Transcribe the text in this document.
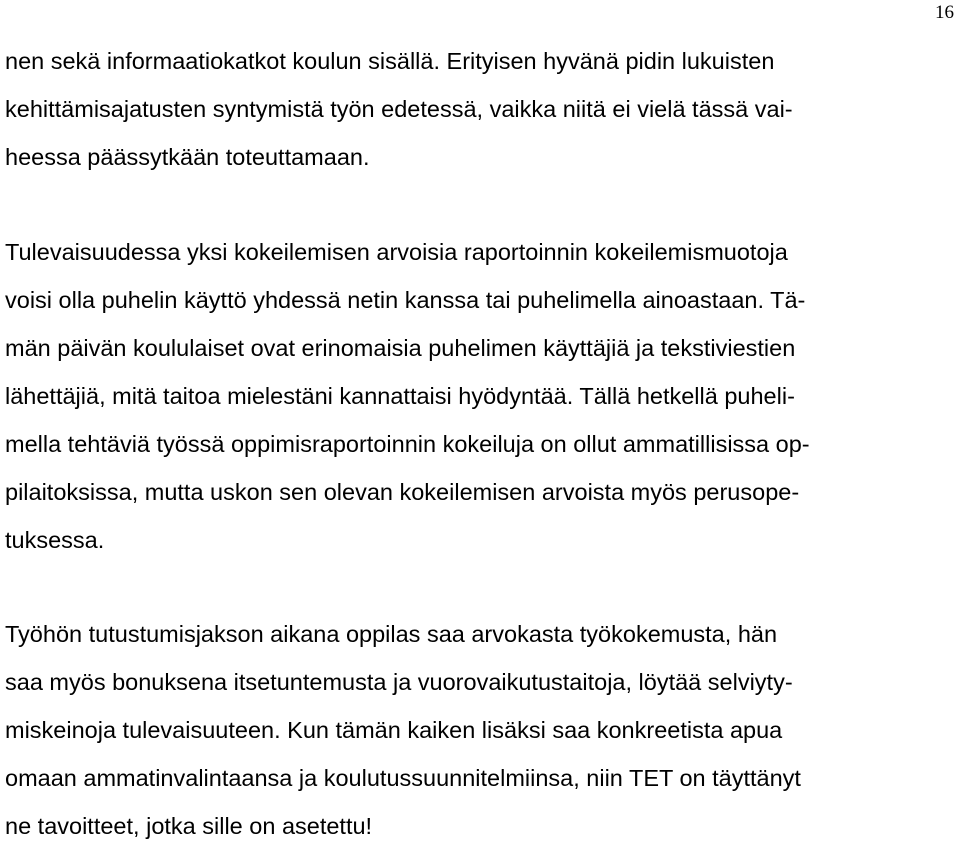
16
nen sekä informaatiokatkot koulun sisällä. Erityisen hyvänä pidin lukuisten
kehittämisajatusten syntymistä työn edetessä, vaikka niitä ei vielä tässä vai-
heessa päässytkään toteuttamaan.
Tulevaisuudessa yksi kokeilemisen arvoisia raportoinnin kokeilemismuotoja
voisi olla puhelin käyttö yhdessä netin kanssa tai puhelimella ainoastaan. Tä-
män päivän koululaiset ovat erinomaisia puhelimen käyttäjiä ja tekstiviestien
lähettäjiä, mitä taitoa mielestäni kannattaisi hyödyntää. Tällä hetkellä puheli-
mella tehtäviä työssä oppimisraportoinnin kokeiluja on ollut ammatillisissa op-
pilaitoksissa, mutta uskon sen olevan kokeilemisen arvoista myös perusope-
tuksessa.
Työhön tutustumisjakson aikana oppilas saa arvokasta työkokemusta, hän
saa myös bonuksena itsetuntemusta ja vuorovaikutustaitoja, löytää selviyty-
miskeinoja tulevaisuuteen. Kun tämän kaiken lisäksi saa konkreetista apua
omaan ammatinvalintaansa ja koulutussuunnitelmiinsa, niin TET on täyttänyt
ne tavoitteet, jotka sille on asetettu!
